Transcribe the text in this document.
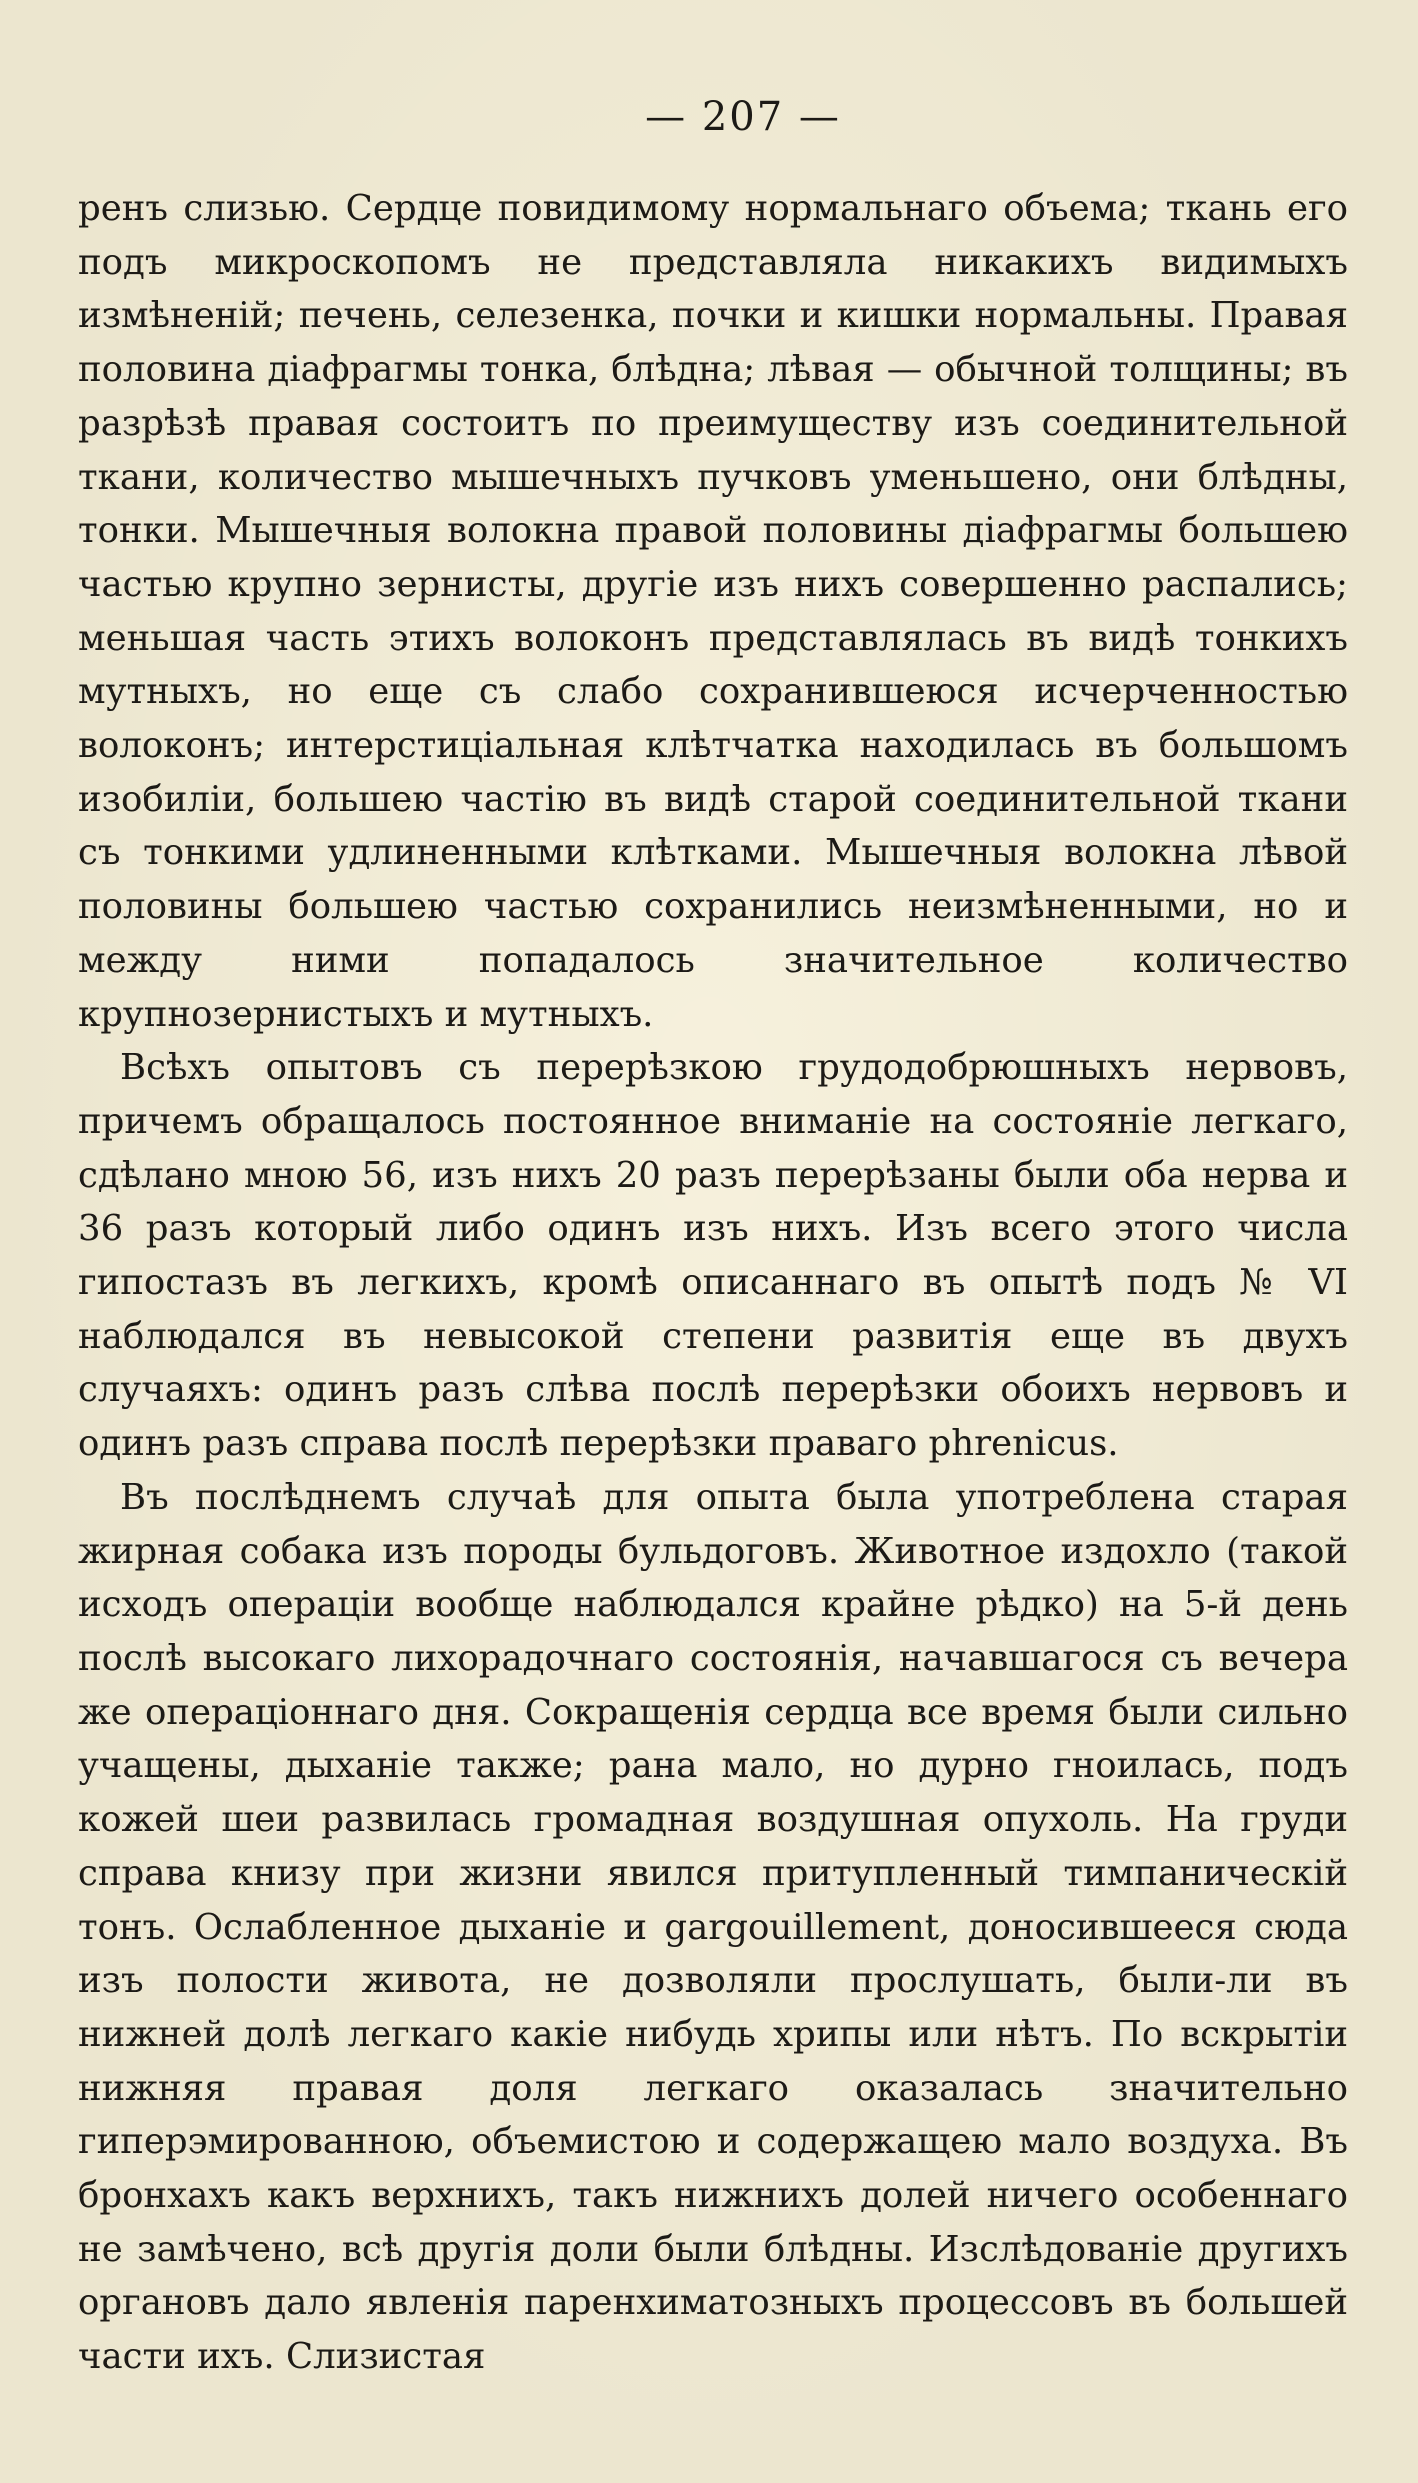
— 207 —

ренъ слизью. Сердце повидимому нормальнаго объема; ткань его подъ микроскопомъ не представляла никакихъ видимыхъ измѣненій; печень, селезенка, почки и кишки нормальны. Правая половина діафрагмы тонка, блѣдна; лѣвая — обычной толщины; въ разрѣзѣ правая состоитъ по преимуществу изъ соединительной ткани, количество мышечныхъ пучковъ уменьшено, они блѣдны, тонки. Мышечныя волокна правой половины діафрагмы большею частью крупно зернисты, другіе изъ нихъ совершенно распались; меньшая часть этихъ волоконъ представлялась въ видѣ тонкихъ мутныхъ, но еще съ слабо сохранившеюся исчерченностью волоконъ; интерстиціальная клѣтчатка находилась въ большомъ изобиліи, большею частію въ видѣ старой соединительной ткани съ тонкими удлиненными клѣтками. Мышечныя волокна лѣвой половины большею частью сохранились неизмѣненными, но и между ними попадалось значительное количество крупнозернистыхъ и мутныхъ.

Всѣхъ опытовъ съ перерѣзкою грудодобрюшныхъ нервовъ, причемъ обращалось постоянное вниманіе на состояніе легкаго, сдѣлано мною 56, изъ нихъ 20 разъ перерѣзаны были оба нерва и 36 разъ который либо одинъ изъ нихъ. Изъ всего этого числа гипостазъ въ легкихъ, кромѣ описаннаго въ опытѣ подъ № VI наблюдался въ невысокой степени развитія еще въ двухъ случаяхъ: одинъ разъ слѣва послѣ перерѣзки обоихъ нервовъ и одинъ разъ справа послѣ перерѣзки праваго phrenicus.

Въ послѣднемъ случаѣ для опыта была употреблена старая жирная собака изъ породы бульдоговъ. Животное издохло (такой исходъ операціи вообще наблюдался крайне рѣдко) на 5-й день послѣ высокаго лихорадочнаго состоянія, начавшагося съ вечера же операціоннаго дня. Сокращенія сердца все время были сильно учащены, дыханіе также; рана мало, но дурно гноилась, подъ кожей шеи развилась громадная воздушная опухоль. На груди справа книзу при жизни явился притупленный тимпаническій тонъ. Ослабленное дыханіе и gargouillement, доносившееся сюда изъ полости живота, не дозволяли прослушать, были-ли въ нижней долѣ легкаго какіе нибудь хрипы или нѣтъ. По вскрытіи нижняя правая доля легкаго оказалась значительно гиперэмированною, объемистою и содержащею мало воздуха. Въ бронхахъ какъ верхнихъ, такъ нижнихъ долей ничего особеннаго не замѣчено, всѣ другія доли были блѣдны. Изслѣдованіе другихъ органовъ дало явленія паренхиматозныхъ процессовъ въ большей части ихъ. Слизистая
